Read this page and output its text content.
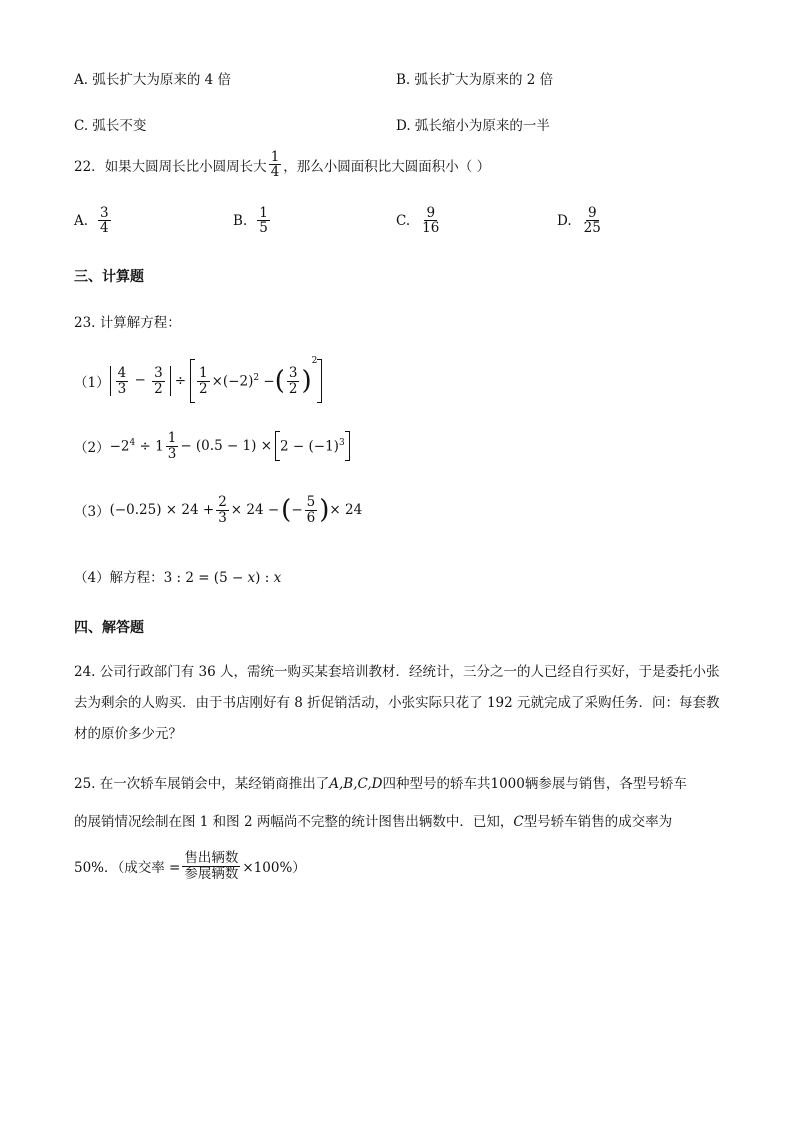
A. 弧长扩大为原来的 4 倍	B. 弧长扩大为原来的 2 倍
C. 弧长不变	D. 弧长缩小为原来的一半
22． 如果大圆周长比小圆周长大 $\frac{1}{4}$ ，那么小圆面积比大圆面积小（ ）
A. $\frac{3}{4}$	B. $\frac{1}{5}$	C. $\frac{9}{16}$	D. $\frac{9}{25}$
三、计算题
23. 计算解方程：
$(1) \frac{4}{3} - \frac{3}{2} \div \frac{1}{2} \times(-2)^2$ − ( $\frac{3}{2}$ )
2
$(2) -2^4 \div 1 \frac{1}{3} - (0.5 - 1) \times 2 - (-1)^3$
（3） $(-0.25) \times 24 + \frac{2}{3} \times 24$ − ( − $\frac{5}{6}$ ) × 24
（4）解方程：3 : 2 = (5 − x) : x
四、解答题
24. 公司行政部门有 36 人，需统一购买某套培训教材．经统计，三分之一的人已经自行买好，于是委托小张去为剩余的人购买．由于书店刚好有 8 折促销活动，小张实际只花了 192 元就完成了采购任务．问：每套教材的原价多少元？
25. 在一次轿车展销会中，某经销商推出了A,B,C,D四种型号的轿车共1000辆参展与销售，各型号轿车
的展销情况绘制在图 1 和图 2 两幅尚不完整的统计图售出辆数中．已知，C型号轿车销售的成交率为
50%．（成交率 = $\frac{\text{售出辆数}}{\text{参展辆数}} \times 100\%$）
